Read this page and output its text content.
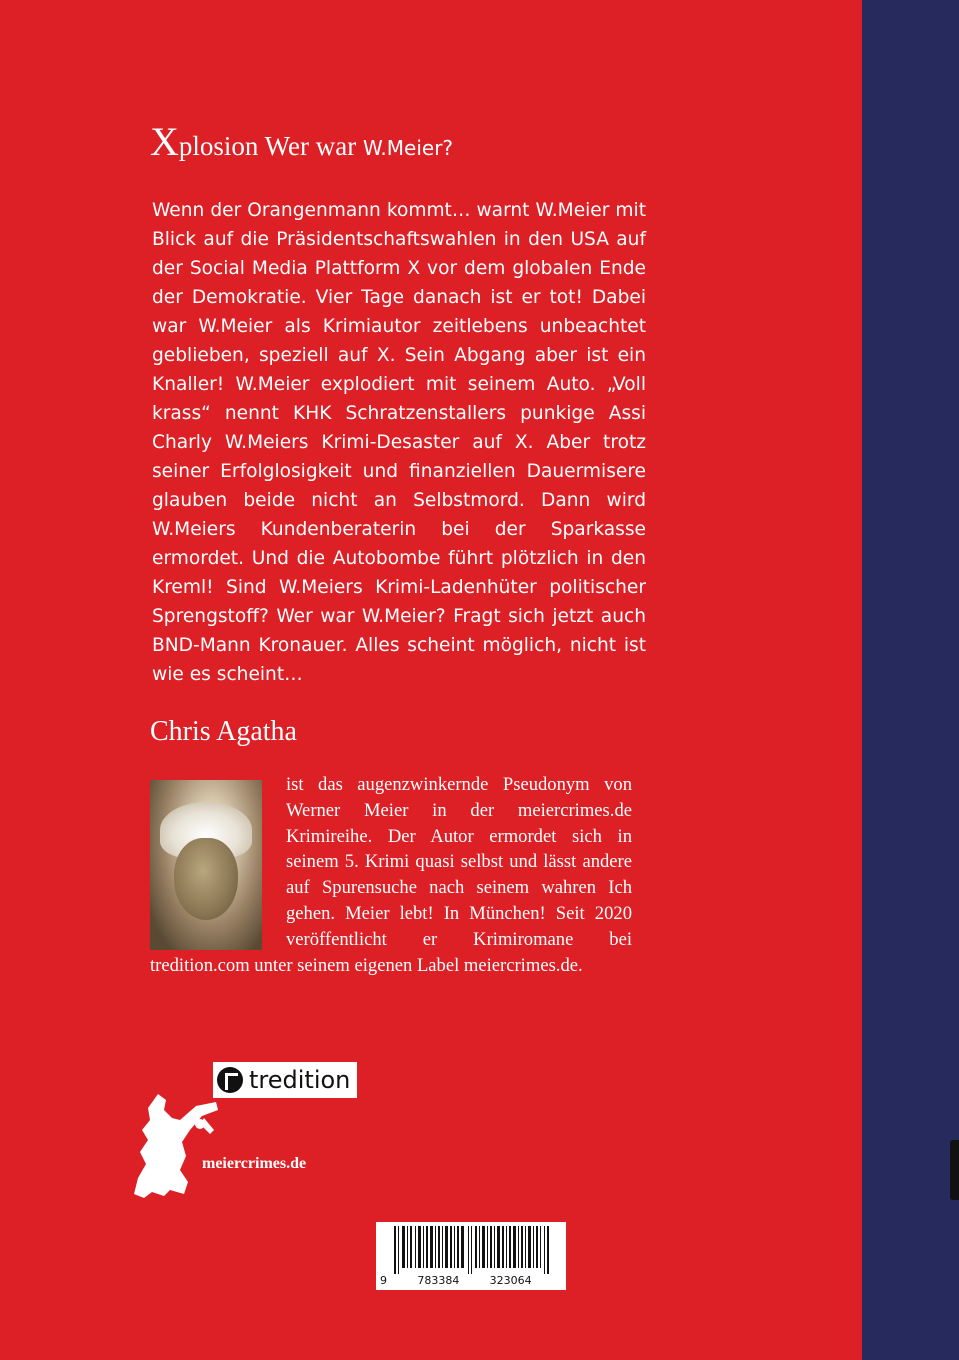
Xplosion Wer war W.Meier?

Wenn der Orangenmann kommt… warnt W.Meier mit Blick auf die Präsidentschaftswahlen in den USA auf der Social Media Plattform X vor dem globalen Ende der Demokratie. Vier Tage danach ist er tot! Dabei war W.Meier als Krimiautor zeitlebens unbeachtet geblieben, speziell auf X. Sein Abgang aber ist ein Knaller! W.Meier explodiert mit seinem Auto. „Voll krass“ nennt KHK Schratzenstallers punkige Assi Charly W.Meiers Krimi-Desaster auf X. Aber trotz seiner Erfolglosigkeit und finanziellen Dauermisere glauben beide nicht an Selbstmord. Dann wird W.Meiers Kundenberaterin bei der Sparkasse ermordet. Und die Autobombe führt plötzlich in den Kreml! Sind W.Meiers Krimi-Ladenhüter politischer Sprengstoff? Wer war W.Meier? Fragt sich jetzt auch BND-Mann Kronauer. Alles scheint möglich, nicht ist wie es scheint…

Chris Agatha
ist das augenzwinkernde Pseudonym von Werner Meier in der meiercrimes.de Krimireihe. Der Autor ermordet sich in seinem 5. Krimi quasi selbst und lässt andere auf Spurensuche nach seinem wahren Ich gehen. Meier lebt! In München! Seit 2020 veröffentlicht er Krimiromane bei tredition.com unter seinem eigenen Label meiercrimes.de.
tredition
meiercrimes.de
9	783384	323064
